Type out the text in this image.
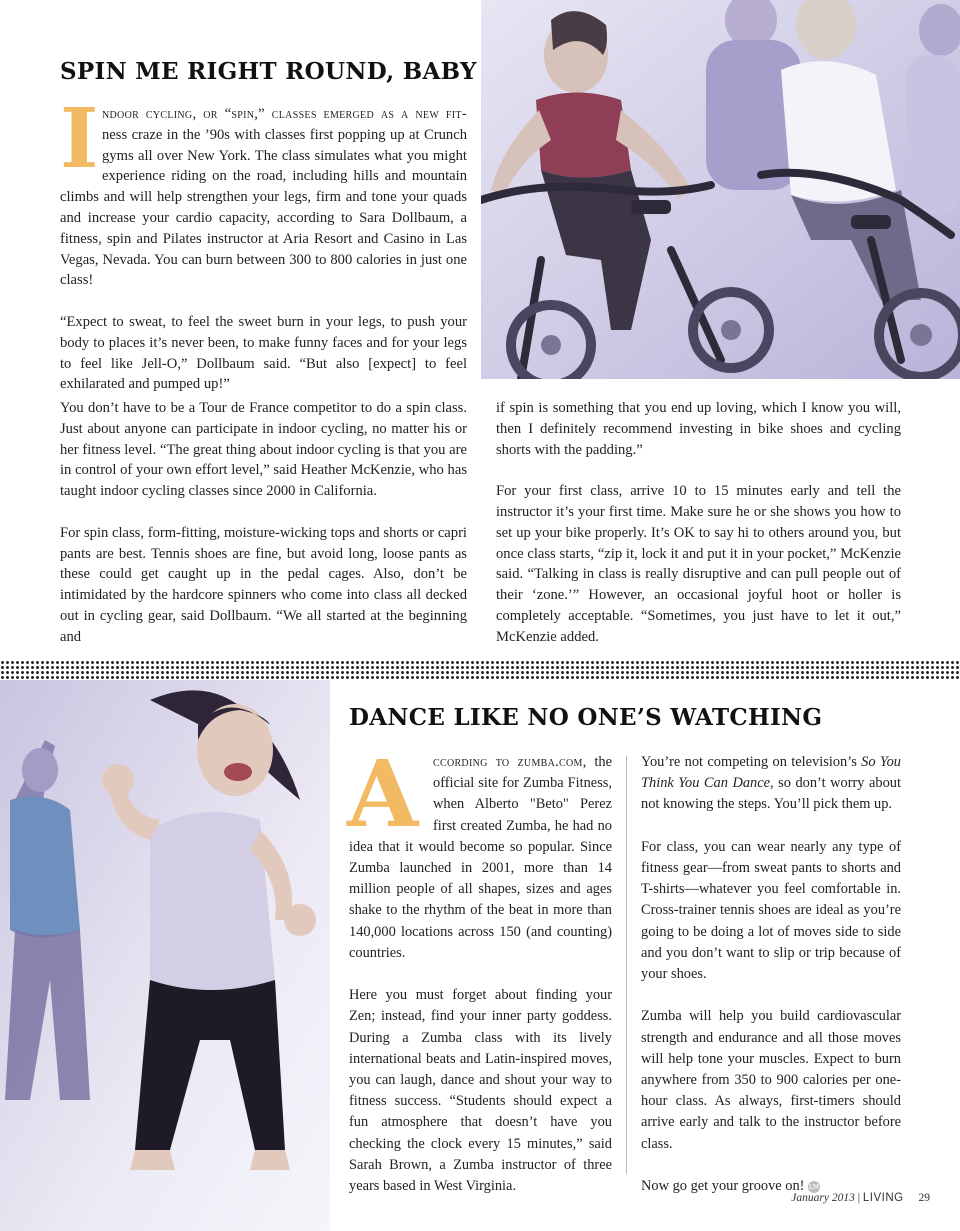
SPIN ME RIGHT ROUND, BABY

Indoor cycling, or “spin,” classes emerged as a new fit- ness craze in the ’90s with classes first popping up at Crunch gyms all over New York. The class simulates what you might experience riding on the road, including hills and mountain climbs and will help strengthen your legs, firm and tone your quads and increase your cardio capacity, according to Sara Dollbaum, a fitness, spin and Pilates instructor at Aria Resort and Casino in Las Vegas, Nevada. You can burn between 300 to 800 calories in just one class!

“Expect to sweat, to feel the sweet burn in your legs, to push your body to places it’s never been, to make funny faces and for your legs to feel like Jell-O,” Dollbaum said. “But also [expect] to feel exhilarated and pumped up!”

You don’t have to be a Tour de France competitor to do a spin class. Just about anyone can participate in indoor cycling, no matter his or her fitness level. “The great thing about indoor cycling is that you are in control of your own effort level,” said Heather McKenzie, who has taught indoor cycling classes since 2000 in California.

For spin class, form-fitting, moisture-wicking tops and shorts or capri pants are best. Tennis shoes are fine, but avoid long, loose pants as these could get caught up in the pedal cages. Also, don’t be intimidated by the hardcore spinners who come into class all decked out in cycling gear, said Dollbaum. “We all started at the beginning and

if spin is something that you end up loving, which I know you will, then I definitely recommend investing in bike shoes and cycling shorts with the padding.”

For your first class, arrive 10 to 15 minutes early and tell the instructor it’s your first time. Make sure he or she shows you how to set up your bike properly. It’s OK to say hi to others around you, but once class starts, “zip it, lock it and put it in your pocket,” McKenzie said. “Talking in class is really disruptive and can pull people out of their ‘zone.’” However, an occasional joyful hoot or holler is completely acceptable. “Sometimes, you just have to let it out,” McKenzie added.

DANCE LIKE NO ONE’S WATCHING

A	ccording to zumba.com, the official site for Zumba Fitness, when Alberto "Beto" Perez first created Zumba, he had no idea that it would become so popular. Since Zumba launched in 2001, more than 14 million people of all shapes, sizes and ages shake to the rhythm of the beat in more than 140,000 locations across 150 (and counting) countries.

Here you must forget about finding your Zen; instead, find your inner party goddess. During a Zumba class with its lively international beats and Latin-inspired moves, you can laugh, dance and shout your way to fitness success. “Students should expect a fun atmosphere that doesn’t have you checking the clock every 15 minutes,” said Sarah Brown, a Zumba instructor of three years based in West Virginia.

You’re not competing on television’s So You Think You Can Dance, so don’t worry about not knowing the steps. You’ll pick them up.

For class, you can wear nearly any type of fitness gear—from sweat pants to shorts and T-shirts—whatever you feel comfortable in. Cross-trainer tennis shoes are ideal as you’re going to be doing a lot of moves side to side and you don’t want to slip or trip because of your shoes.

Zumba will help you build cardiovascular strength and endurance and all those moves will help tone your muscles. Expect to burn anywhere from 350 to 900 calories per one-hour class. As always, first-timers should arrive early and talk to the instructor before class.

Now go get your groove on! LM

January 2013 | LIVING 29
